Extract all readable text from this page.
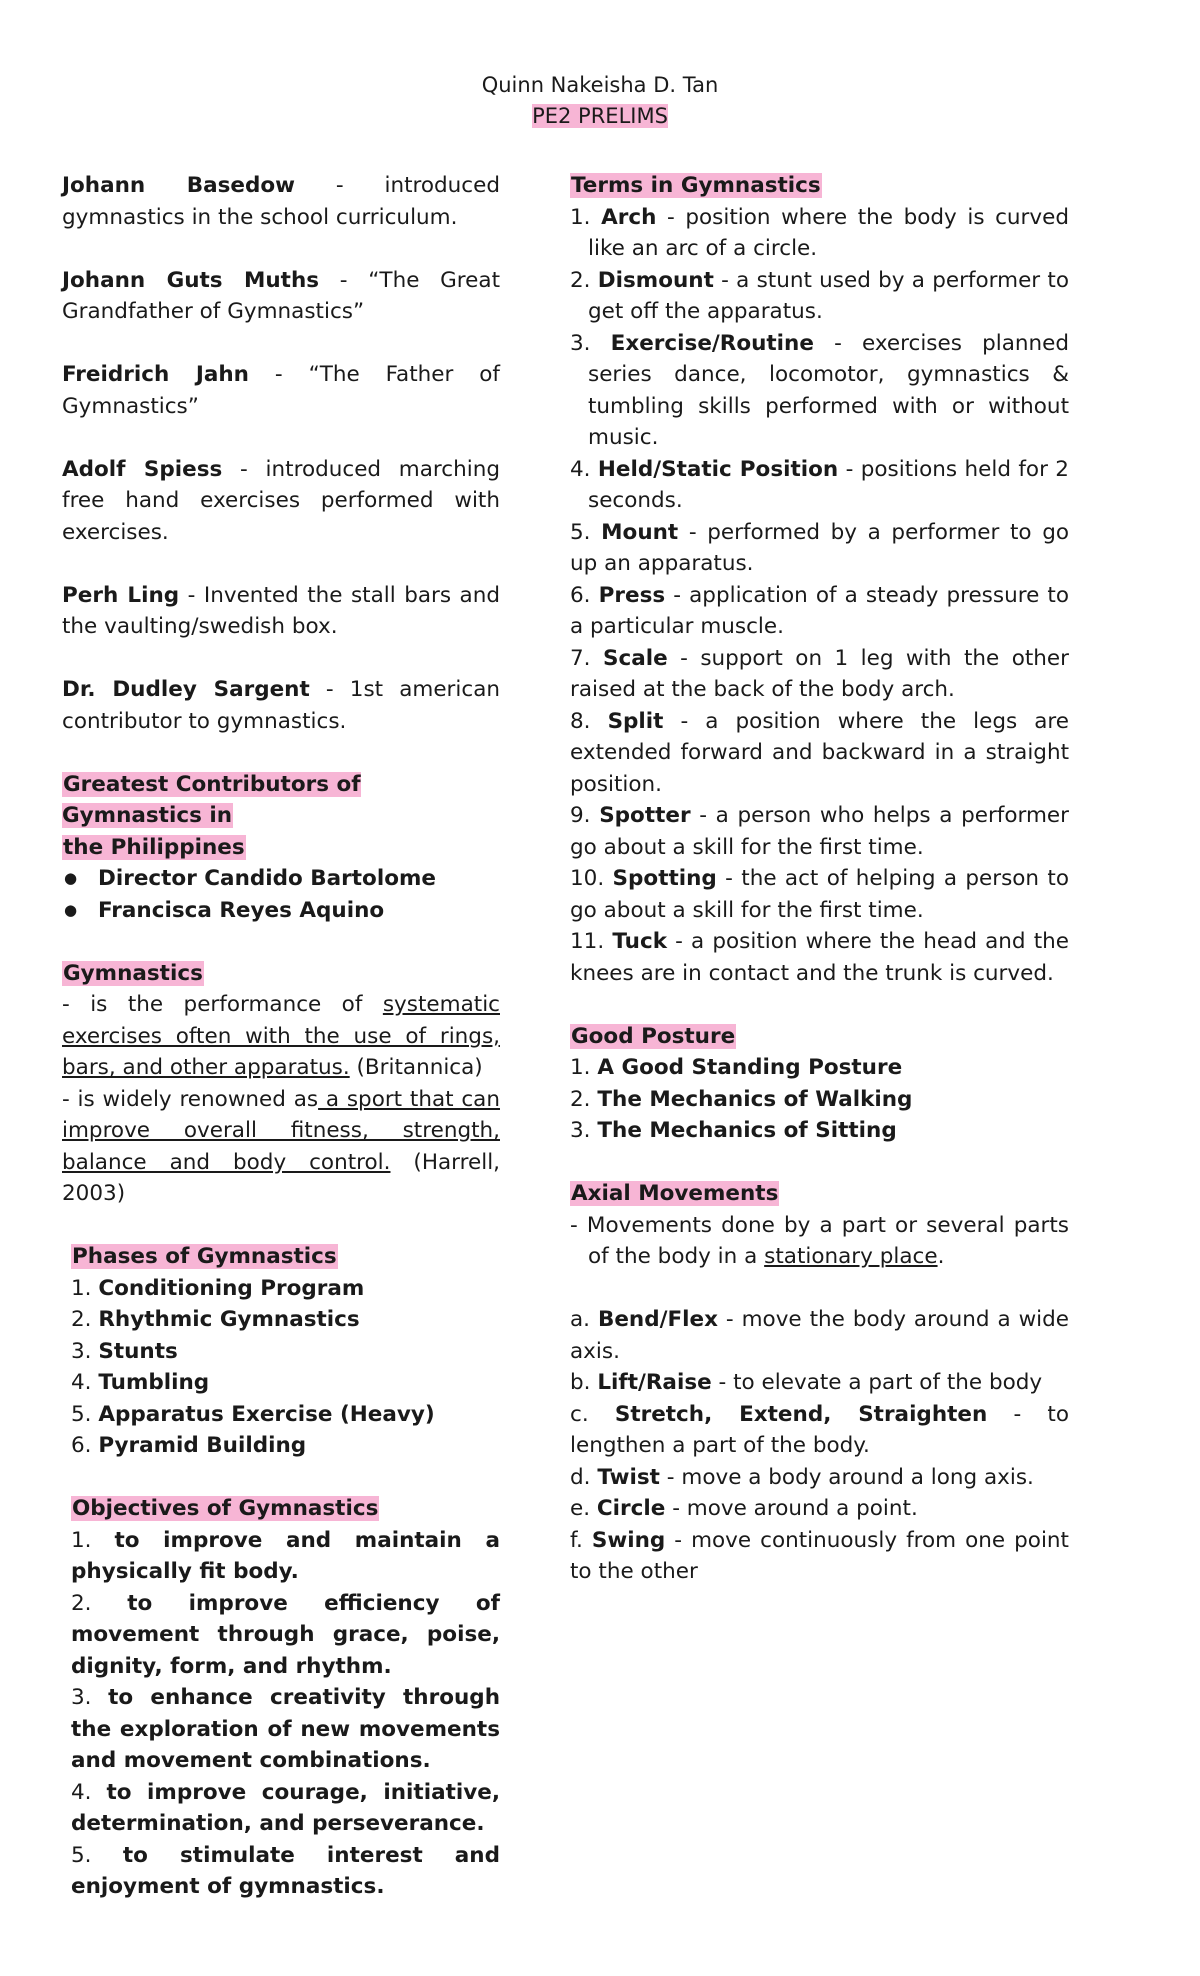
Quinn Nakeisha D. Tan
PE2 PRELIMS

Johann Basedow - introduced gymnastics in the school curriculum.

Johann Guts Muths - “The Great Grandfather of Gymnastics”

Freidrich Jahn - “The Father of Gymnastics”

Adolf Spiess - introduced marching free hand exercises performed with exercises.

Perh Ling - Invented the stall bars and the vaulting/swedish box.

Dr. Dudley Sargent - 1st american contributor to gymnastics.

Greatest Contributors of Gymnastics in
the Philippines

● Director Candido Bartolome
● Francisca Reyes Aquino

Gymnastics

- is the performance of systematic exercises often with the use of rings, bars, and other apparatus. (Britannica)

- is widely renowned as a sport that can improve overall fitness, strength, balance and body control. (Harrell, 2003)

Phases of Gymnastics

1. Conditioning Program

2. Rhythmic Gymnastics

3. Stunts

4. Tumbling

5. Apparatus Exercise (Heavy)

6. Pyramid Building

Objectives of Gymnastics

1. to improve and maintain a physically fit body.

2. to improve efficiency of movement through grace, poise, dignity, form, and rhythm.

3. to enhance creativity through the exploration of new movements and movement combinations.

4. to improve courage, initiative, determination, and perseverance.

5. to stimulate interest and enjoyment of gymnastics.

Terms in Gymnastics

1. Arch - position where the body is curved like an arc of a circle.

2. Dismount - a stunt used by a performer to get off the apparatus.

3. Exercise/Routine - exercises planned series dance, locomotor, gymnastics & tumbling skills performed with or without music.

4. Held/Static Position - positions held for 2 seconds.

5. Mount - performed by a performer to go up an apparatus.

6. Press - application of a steady pressure to a particular muscle.

7. Scale - support on 1 leg with the other raised at the back of the body arch.

8. Split - a position where the legs are extended forward and backward in a straight position.

9. Spotter - a person who helps a performer go about a skill for the first time.

10. Spotting - the act of helping a person to go about a skill for the first time.

11. Tuck - a position where the head and the knees are in contact and the trunk is curved.

Good Posture

1. A Good Standing Posture

2. The Mechanics of Walking

3. The Mechanics of Sitting

Axial Movements

- Movements done by a part or several parts of the body in a stationary place.

a. Bend/Flex - move the body around a wide axis.

b. Lift/Raise - to elevate a part of the body

c. Stretch, Extend, Straighten - to lengthen a part of the body.

d. Twist - move a body around a long axis.

e. Circle - move around a point.

f. Swing - move continuously from one point to the other
